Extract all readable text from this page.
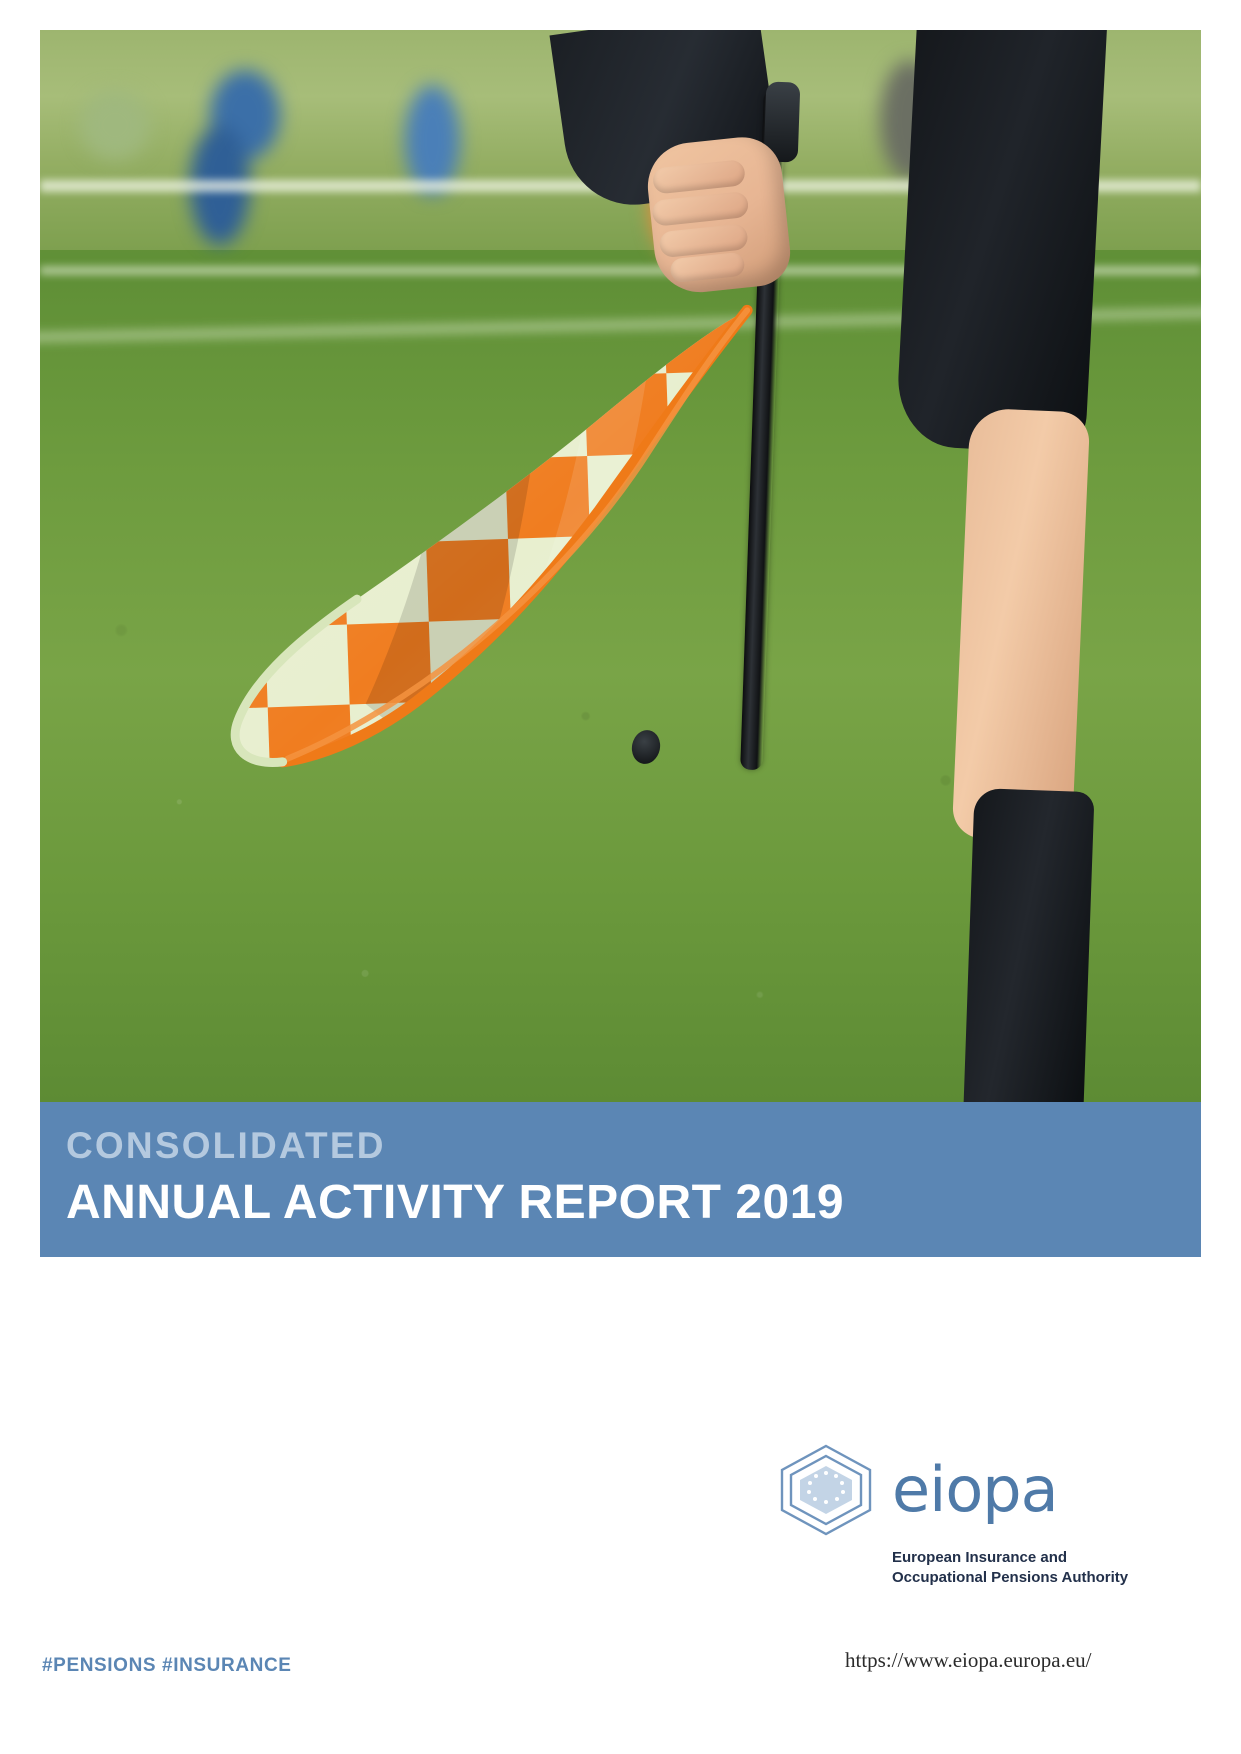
CONSOLIDATED
ANNUAL ACTIVITY REPORT 2019
eiopa
European Insurance and
Occupational Pensions Authority
#PENSIONS #INSURANCE	https://www.eiopa.europa.eu/
